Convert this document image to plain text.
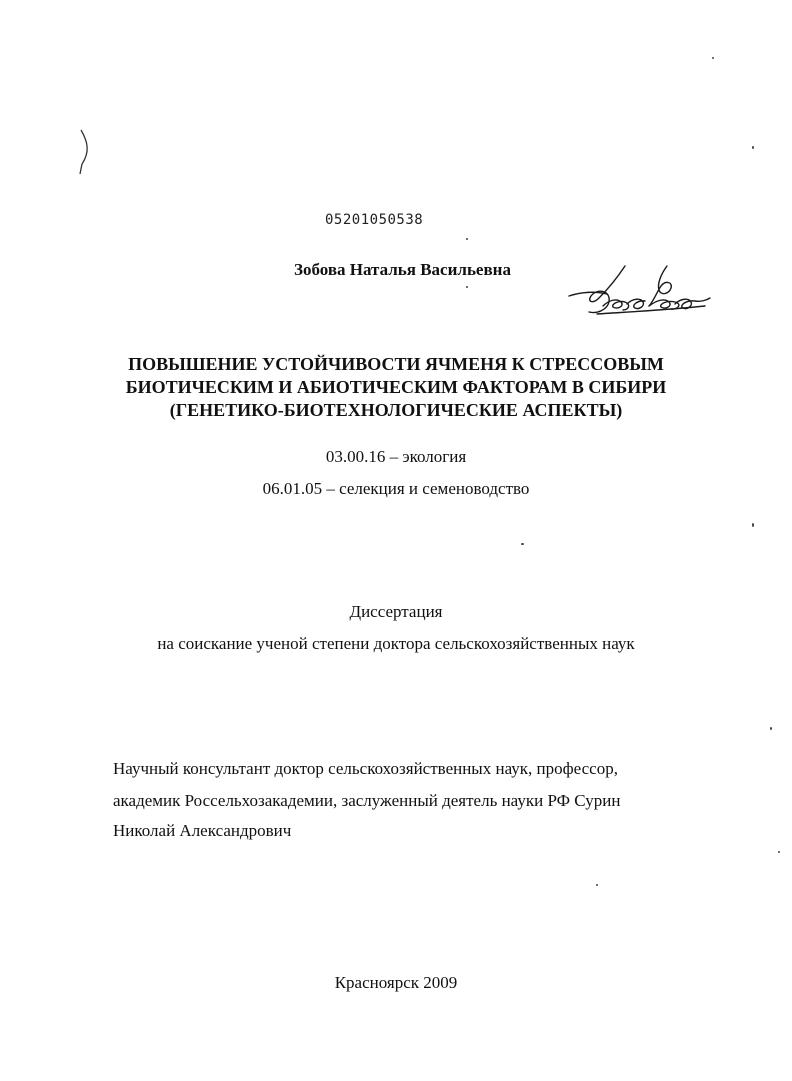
05201050538
Зобова Наталья Васильевна
ПОВЫШЕНИЕ УСТОЙЧИВОСТИ ЯЧМЕНЯ К СТРЕССОВЫМ
БИОТИЧЕСКИМ И АБИОТИЧЕСКИМ ФАКТОРАМ В СИБИРИ
(ГЕНЕТИКО-БИОТЕХНОЛОГИЧЕСКИЕ АСПЕКТЫ)
03.00.16 – экология
06.01.05 – селекция и семеноводство
Диссертация
на соискание ученой степени доктора сельскохозяйственных наук
Научный консультант доктор сельскохозяйственных наук, профессор,
академик Россельхозакадемии, заслуженный деятель науки РФ Сурин
Николай Александрович
Красноярск 2009
